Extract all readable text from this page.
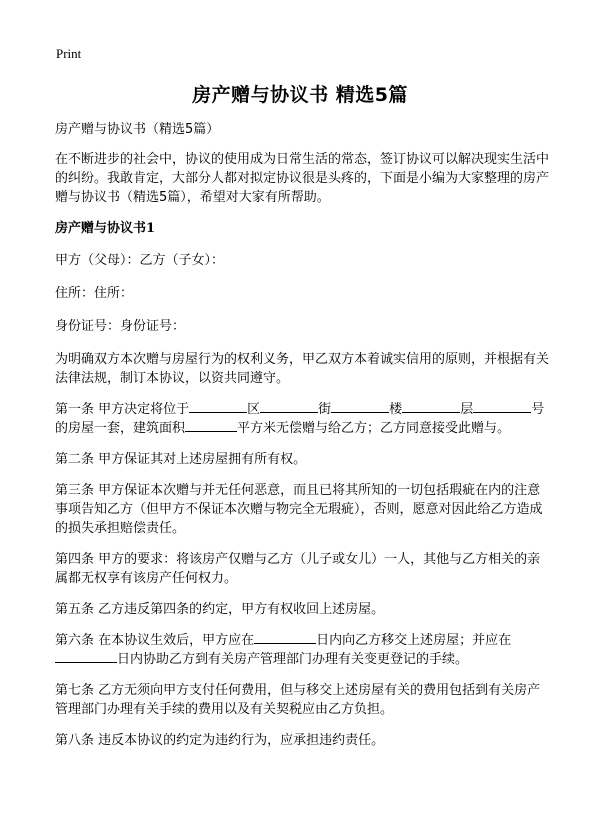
Print
房产赠与协议书 精选5篇

房产赠与协议书（精选5篇）

在不断进步的社会中，协议的使用成为日常生活的常态，签订协议可以解决现实生活中的纠纷。我敢肯定，大部分人都对拟定协议很是头疼的，下面是小编为大家整理的房产赠与协议书（精选5篇），希望对大家有所帮助。

房产赠与协议书1

甲方（父母）：乙方（子女）：

住所：住所：

身份证号：身份证号：

为明确双方本次赠与房屋行为的权利义务，甲乙双方本着诚实信用的原则，并根据有关法律法规，制订本协议，以资共同遵守。

第一条 甲方决定将位于	区	街	楼	层	号的房屋一套，建筑面积	平方米无偿赠与给乙方；乙方同意接受此赠与。

第二条 甲方保证其对上述房屋拥有所有权。

第三条 甲方保证本次赠与并无任何恶意，而且已将其所知的一切包括瑕疵在内的注意事项告知乙方（但甲方不保证本次赠与物完全无瑕疵），否则，愿意对因此给乙方造成的损失承担赔偿责任。

第四条 甲方的要求：将该房产仅赠与乙方（儿子或女儿）一人，其他与乙方相关的亲属都无权享有该房产任何权力。

第五条 乙方违反第四条的约定，甲方有权收回上述房屋。

第六条 在本协议生效后，甲方应在	日内向乙方移交上述房屋；并应在日内协助乙方到有关房产管理部门办理有关变更登记的手续。

第七条 乙方无须向甲方支付任何费用，但与移交上述房屋有关的费用包括到有关房产管理部门办理有关手续的费用以及有关契税应由乙方负担。

第八条 违反本协议的约定为违约行为，应承担违约责任。
